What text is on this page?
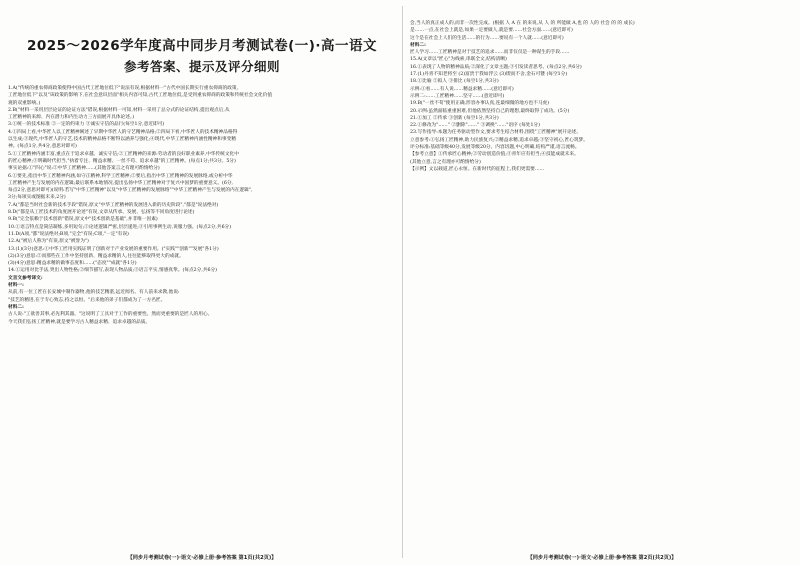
2025～2026学年度高中同步月考测试卷(一)·高一语文
参考答案、提示及评分细则

1.A("传统的重农抑商政策使得中国古代工匠地位低下"说法有误,根据材料一"古代中国长期实行重农抑商的政策,

工匠地位低下"以及"该政策的影响下,在社会意识层面"相关内容可知,古代工匠地位低,是受到重农抑商的政策和传统社会文化价值

观的双重影响。)

2.B("材料一采用层层论证的论证方法"错误,根据材料一可知,材料一采用了总分式的论证结构,提出观点后,从

工匠精神的来源、内在潜力和内生动力三方面展开具体论述。)

3.①统一的技术标准 ②一定的约束力 ③诚实守信的品行(每空1分,意近即可)

4.①四局上看,中华匠人以工匠精神阐述了早期中华匠人的守艺精神品格;②四局下看,中华匠人的技术精神品格得

以生成;③现代,中华匠人的守艺,技术的精神品格不断得以涵养与强化;④现代,中华工匠精神内涵性精神和事变精

神。(每点1分,共4分,意思对即可)

5.①工匠精神内涵丰富,重点在于追求卓越、诚实守信;②工匠精神的来源:劳动者的良好职业素养,中华传统文化中

的匠心精神;③明确时代担当,"执着专注、精益求精、一丝不苟、追求卓越"的工匠精神。(每点1分;共3分。5分)

事实论据:①"四心"说:②中华工匠精神……(其他答案言之有理可酌情给分)

6.①要先,指出中华工匠精神内涵,如守正精神,科学工匠精神;②要后,指出中华工匠精神的发展脉络,或分析中华

工匠精神产生与发展的内在逻辑;最后联系本地情况,提出弘扬中华工匠精神对于复兴中国梦的重要意义。(6分,

每点2分,意思对即可)(说明:若写"中华工匠精神"以及"中华工匠精神的发展脉络""中华工匠精神产生与发展的内在逻辑",

3分;每项实或图据未来,2分)

7.A("都是当时社会新的技术手段"错误,原文"中华工匠精神的发展进入新的历史阶段","都是"说法绝对)

8.D("都是从工匠技术的角度展开论述"有误,文章从传承、发展、弘扬等不同角度进行论述)

9.B("完全依赖于技术创新"错误,原文中"技术创新是基础",并非唯一因素)

10.①语言特点是简洁凝练,多用短句;②论述逻辑严密,层层递进;③引用事例生动,说服力强。(每点2分,共6分)

11.D(A项,"都"说法绝对;B项,"完全"有误;C项,"一定"有误)

12.A("被后人称为"有误,原文"被誉为")

13.(1)(3分)意思:①中华工匠用实践证明了创新对于产业发展的重要作用。("实践""创新""发展"各1分)

(2)(3分)意思:②而那些在工作中坚持创新、精益求精的人,往往能够取得更大的成就。

(3)(4分)意思:精益求精的做事态度和……("态度""成就"各1分)

14.①运用对比手法,突出人物性格;②细节描写,表现人物品质;③语言平实,情感真挚。(每点2分,共6分)

文言文参考译文:

材料一:

从前,有一位工匠在长安城中制作器物,他的技艺精湛,远近闻名。有人前来求教,他说:

"技艺的精进,在于专心致志,持之以恒。"后来他的弟子们都成为了一方名匠。

材料二:

古人说:"工欲善其事,必先利其器。"这说明了工具对于工作的重要性。然而更重要的是匠人的用心。

今天我们弘扬工匠精神,就是要学习古人精益求精、追求卓越的品质。

【同步月考测试卷(一)·语文·必修上册·参考答案 第1页(共2页)】

会,当人的真正成人的,而非一次性完成。(根据 人 A 在 的来说,从 人 的 所能做 A,也 的 人的 社会 的 的 成长)

是……一点,在社会上就是,如果一定要做人,就是要……社会方面……(意近即可)

这个是在社会上人们的生活……的行为……要说有一个人就……(意近即可)

材料二:

匠人学习……工匠精神是对于技艺的追求……而非仅仅是一种谋生的手段……

15.A(文章以"匠心"为线索,串联全文,结构清晰)

16.①表现了人物的精神品质;②深化了文章主题;③引发读者思考。(每点2分,共6分)

17.(1)丹青不知老将至 (2)富贵于我如浮云 (3)锲而不舍,金石可镂 (每空1分)

18.①比喻 ②拟人 ③排比 (每空1分,共3分)

示例:①看……有人说……精益求精……(意近即可)

示例二:……工匠精神……坚守……(意近即可)

19.B("一丝不苟"使用正确,形容办事认真,连最细微的地方也不马虎)

20.示例:虽然面临重重困难,但他依然坚持自己的理想,最终取得了成功。(5分)

21.①加工 ②传承 ③创新 (每空1分,共3分)

22.①修改为"……" ②删除"……" ③调换"……"语序 (每处1分)

23.写作指导:本题为任务驱动型作文,要求考生结合材料,围绕"工匠精神"展开论述。

立意参考:①弘扬工匠精神,助力民族复兴;②精益求精,追求卓越;③坚守初心,匠心筑梦。

评分标准:基础等级40分,发展等级20分。内容切题,中心明确,结构严谨,语言流畅。

【参考立意】①传承匠心精神;②劳动创造价值;③青年应有担当;④技能成就未来。

(其他立意,言之有理亦可酌情给分)

【示例】文以载道,匠心永恒。在新时代的征程上,我们更需要……

【同步月考测试卷(一)·语文·必修上册·参考答案 第2页(共2页)】
